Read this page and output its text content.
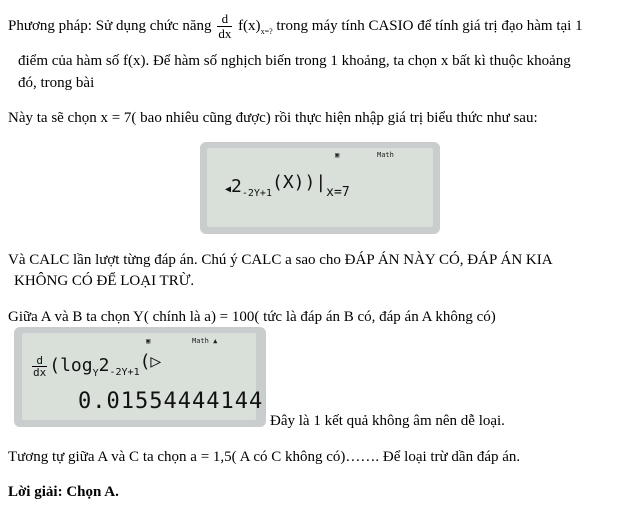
Phương pháp: Sử dụng chức năng $\frac{d}{dx} f(x)_{x=?}$ trong máy tính CASIO để tính giá trị đạo hàm tại 1
điểm của hàm số f(x). Để hàm số nghịch biến trong 1 khoảng, ta chọn x bất kì thuộc khoảng
đó, trong bài
Này ta sẽ chọn x = 7( bao nhiêu cũng được) rồi thực hiện nhập giá trị biểu thức như sau:
▣	Math
$◀2_{-2Y+1}(X))|x=7$
Và CALC lần lượt từng đáp án. Chú ý CALC a sao cho ĐÁP ÁN NÀY CÓ, ĐÁP ÁN KIA
KHÔNG CÓ ĐỂ LOẠI TRỪ.
Giữa A và B ta chọn Y( chính là a) = 100( tức là đáp án B có, đáp án A không có)
▣	Math ▲
$\frac{d}{dx}$ ($\log_Y2_{-2Y+1}(▷$
0.01554444144
Đây là 1 kết quả không âm nên dễ loại.
Tương tự giữa A và C ta chọn a = 1,5( A có C không có)……. Để loại trừ dần đáp án.
Lời giải: Chọn A.
